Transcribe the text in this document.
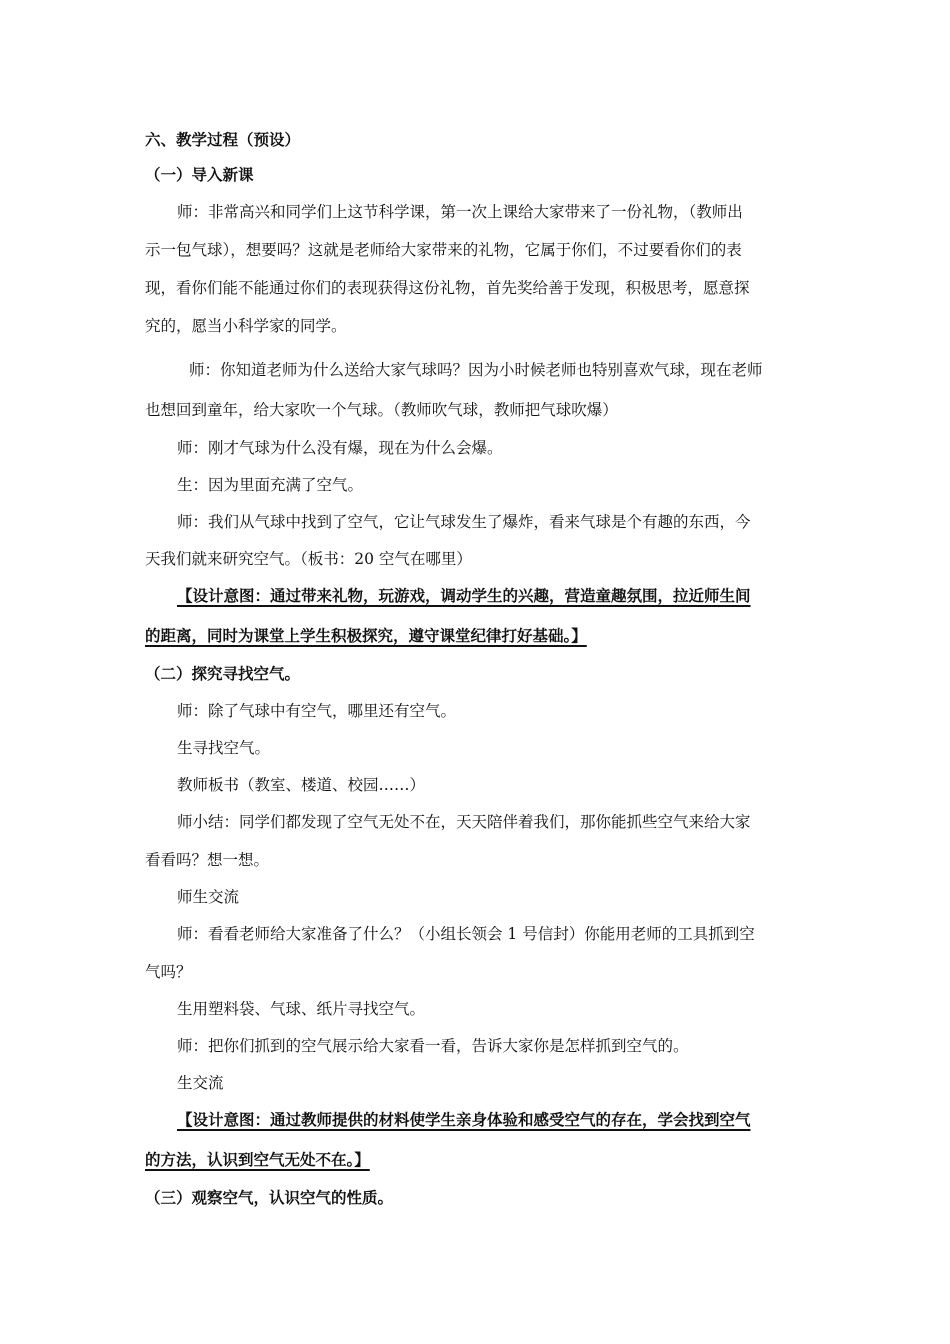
六、教学过程（预设）

（一）导入新课

师：非常高兴和同学们上这节科学课，第一次上课给大家带来了一份礼物，（教师出

示一包气球），想要吗？这就是老师给大家带来的礼物，它属于你们，不过要看你们的表

现，看你们能不能通过你们的表现获得这份礼物，首先奖给善于发现，积极思考，愿意探

究的，愿当小科学家的同学。

师：你知道老师为什么送给大家气球吗？因为小时候老师也特别喜欢气球，现在老师

也想回到童年，给大家吹一个气球。（教师吹气球，教师把气球吹爆）

师：刚才气球为什么没有爆，现在为什么会爆。

生：因为里面充满了空气。

师：我们从气球中找到了空气，它让气球发生了爆炸，看来气球是个有趣的东西，今

天我们就来研究空气。（板书：20 空气在哪里）

【设计意图：通过带来礼物，玩游戏，调动学生的兴趣，营造童趣氛围，拉近师生间

的距离，同时为课堂上学生积极探究，遵守课堂纪律打好基础。】

（二）探究寻找空气。

师：除了气球中有空气，哪里还有空气。

生寻找空气。

教师板书（教室、楼道、校园……）

师小结：同学们都发现了空气无处不在，天天陪伴着我们，那你能抓些空气来给大家

看看吗？想一想。

师生交流

师：看看老师给大家准备了什么？（小组长领会 1 号信封）你能用老师的工具抓到空

气吗？

生用塑料袋、气球、纸片寻找空气。

师：把你们抓到的空气展示给大家看一看，告诉大家你是怎样抓到空气的。

生交流

【设计意图：通过教师提供的材料使学生亲身体验和感受空气的存在，学会找到空气

的方法，认识到空气无处不在。】

（三）观察空气，认识空气的性质。
